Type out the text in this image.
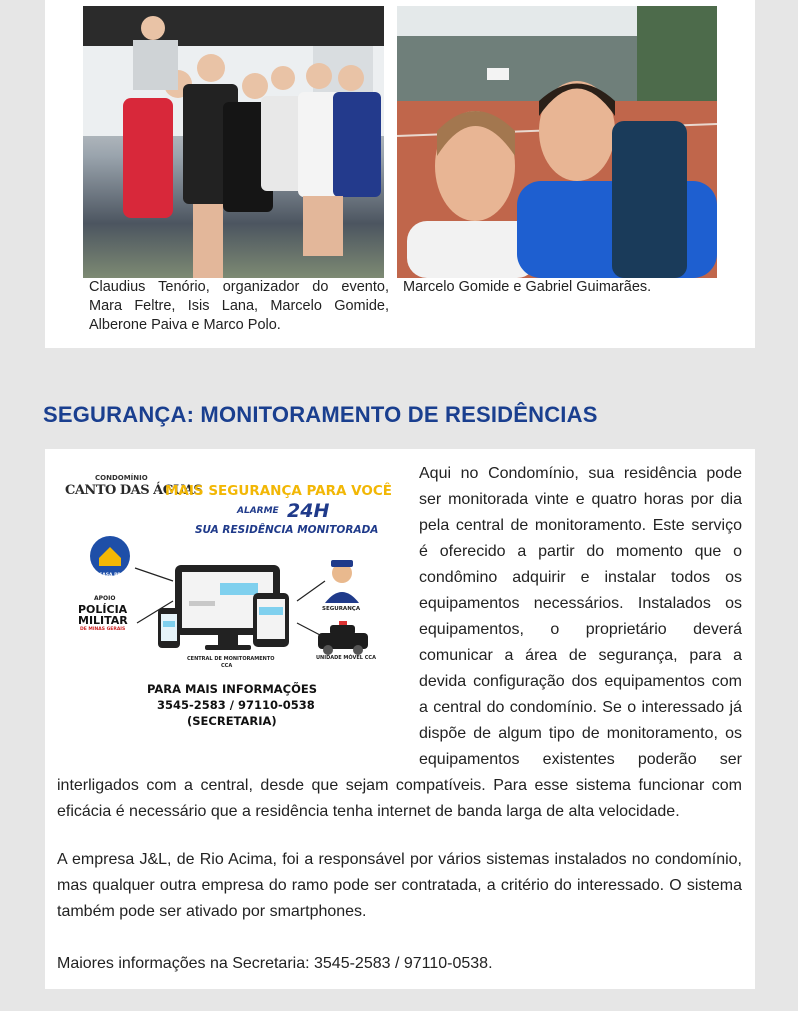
Claudius Tenório, organizador do evento, Mara Feltre, Isis Lana, Marcelo Gomide, Alberone Paiva e Marco Polo.
Marcelo Gomide e Gabriel Guimarães.
SEGURANÇA: MONITORAMENTO DE RESIDÊNCIAS
CONDOMÍNIO
CANTO DAS ÁGUAS
MAIS SEGURANÇA PARA VOCÊ
ALARME 24H
SUA RESIDÊNCIA MONITORADA
CASA PROTEGIDA
APOIO
POLÍCIA
MILITAR
DE MINAS GERAIS
SEGURANÇA
CENTRAL DE MONITORAMENTO
CCA
UNIDADE MÓVEL CCA
PARA MAIS INFORMAÇÕES
3545-2583 / 97110-0538
(SECRETARIA)

Aqui no Condomínio, sua residência pode ser monitorada vinte e quatro horas por dia pela central de monitoramento. Este serviço é oferecido a partir do momento que o condômino adquirir e instalar todos os equipamentos necessários. Instalados os equipamentos, o proprietário deverá comunicar a área de segurança, para a devida configuração dos equipamentos com a central do condomínio. Se o interessado já dispõe de algum tipo de monitoramento, os equipamentos existentes poderão ser interligados com a central, desde que sejam compatíveis. Para esse sistema funcionar com eficácia é necessário que a residência tenha internet de banda larga de alta velocidade.

A empresa J&L, de Rio Acima, foi a responsável por vários sistemas instalados no condomínio, mas qualquer outra empresa do ramo pode ser contratada, a critério do interessado. O sistema também pode ser ativado por smartphones.

Maiores informações na Secretaria: 3545-2583 / 97110-0538.
